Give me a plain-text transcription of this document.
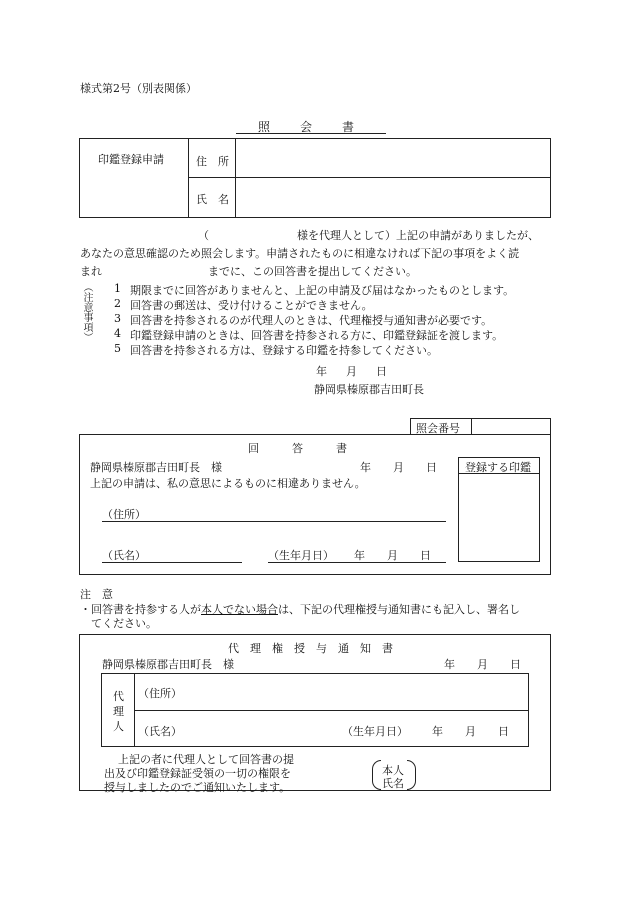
様式第2号（別表関係）
照　　会　　書
印鑑登録申請	住　所
氏　名
（	様を代理人として）上記の申請がありましたが、
あなたの意思確認のため照会します。申請されたものに相違なければ下記の事項をよく読
まれ	までに、この回答書を提出してください。
（注意事項） 1 期限までに回答がありませんと、上記の申請及び届はなかったものとします。
2 回答書の郵送は、受け付けることができません。
3 回答書を持参されるのが代理人のときは、代理権授与通知書が必要です。
4 印鑑登録申請のときは、回答書を持参される方に、印鑑登録証を渡します。
5 回答書を持参される方は、登録する印鑑を持参してください。
年　月　日
静岡県榛原郡吉田町長
照会番号
回　　　答　　　書
静岡県榛原郡吉田町長　様	年　　月　　日
上記の申請は、私の意思によるものに相違ありません。
（住所）
（氏名）	（生年月日） 年　　月　　日
登録する印鑑
注　意
・回答書を持参する人が本人でない場合は、下記の代理権授与通知書にも記入し、署名し
てください。
代　理　権　授　与　通　知　書
静岡県榛原郡吉田町長　様	年　　月　　日
代
理
人
（住所）
（氏名）	（生年月日） 年　　月　　日
上記の者に代理人として回答書の提
出及び印鑑登録証受領の一切の権限を
授与しましたのでご通知いたします。
本人
氏名
